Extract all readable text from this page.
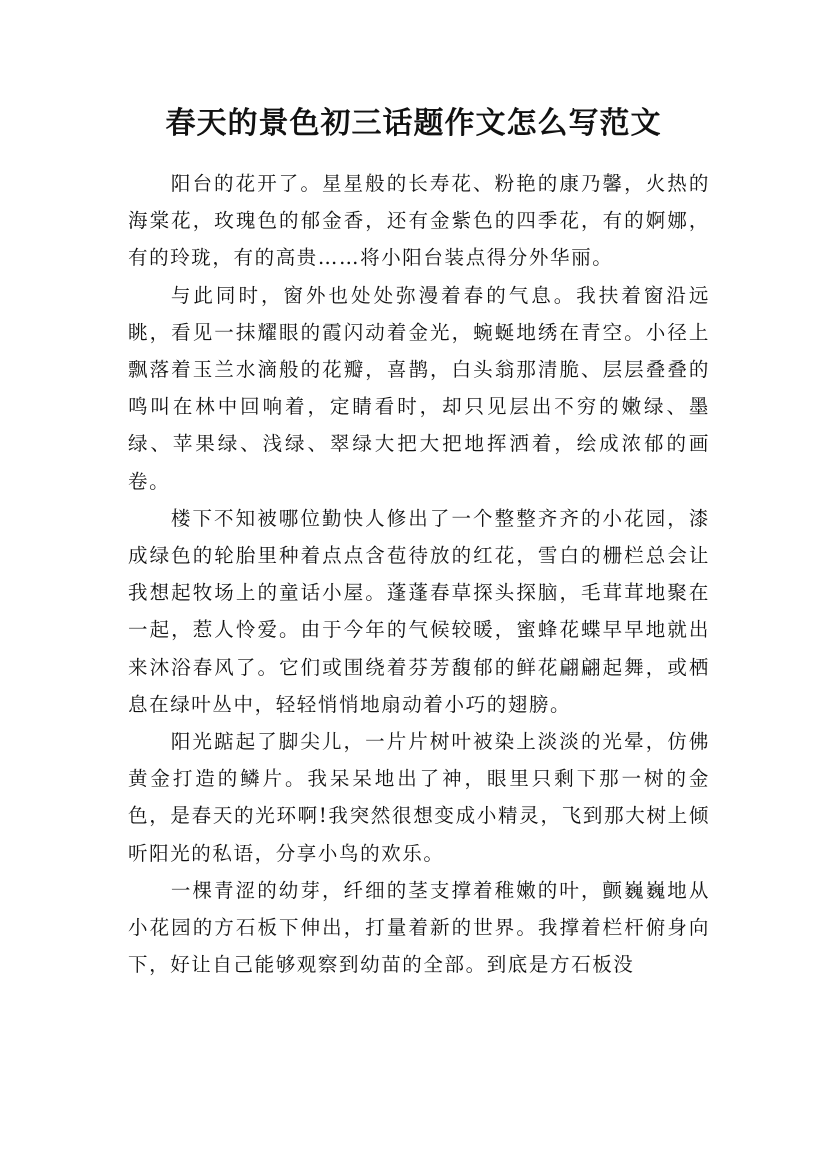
春天的景色初三话题作文怎么写范文

阳台的花开了。星星般的长寿花、粉艳的康乃馨，火热的海棠花，玫瑰色的郁金香，还有金紫色的四季花，有的婀娜，有的玲珑，有的高贵……将小阳台装点得分外华丽。

与此同时，窗外也处处弥漫着春的气息。我扶着窗沿远眺，看见一抹耀眼的霞闪动着金光，蜿蜒地绣在青空。小径上飘落着玉兰水滴般的花瓣，喜鹊，白头翁那清脆、层层叠叠的鸣叫在林中回响着，定睛看时，却只见层出不穷的嫩绿、墨绿、苹果绿、浅绿、翠绿大把大把地挥洒着，绘成浓郁的画卷。

楼下不知被哪位勤快人修出了一个整整齐齐的小花园，漆成绿色的轮胎里种着点点含苞待放的红花，雪白的栅栏总会让我想起牧场上的童话小屋。蓬蓬春草探头探脑，毛茸茸地聚在一起，惹人怜爱。由于今年的气候较暖，蜜蜂花蝶早早地就出来沐浴春风了。它们或围绕着芬芳馥郁的鲜花翩翩起舞，或栖息在绿叶丛中，轻轻悄悄地扇动着小巧的翅膀。

阳光踮起了脚尖儿，一片片树叶被染上淡淡的光晕，仿佛黄金打造的鳞片。我呆呆地出了神，眼里只剩下那一树的金色，是春天的光环啊!我突然很想变成小精灵，飞到那大树上倾听阳光的私语，分享小鸟的欢乐。

一棵青涩的幼芽，纤细的茎支撑着稚嫩的叶，颤巍巍地从小花园的方石板下伸出，打量着新的世界。我撑着栏杆俯身向下，好让自己能够观察到幼苗的全部。到底是方石板没
